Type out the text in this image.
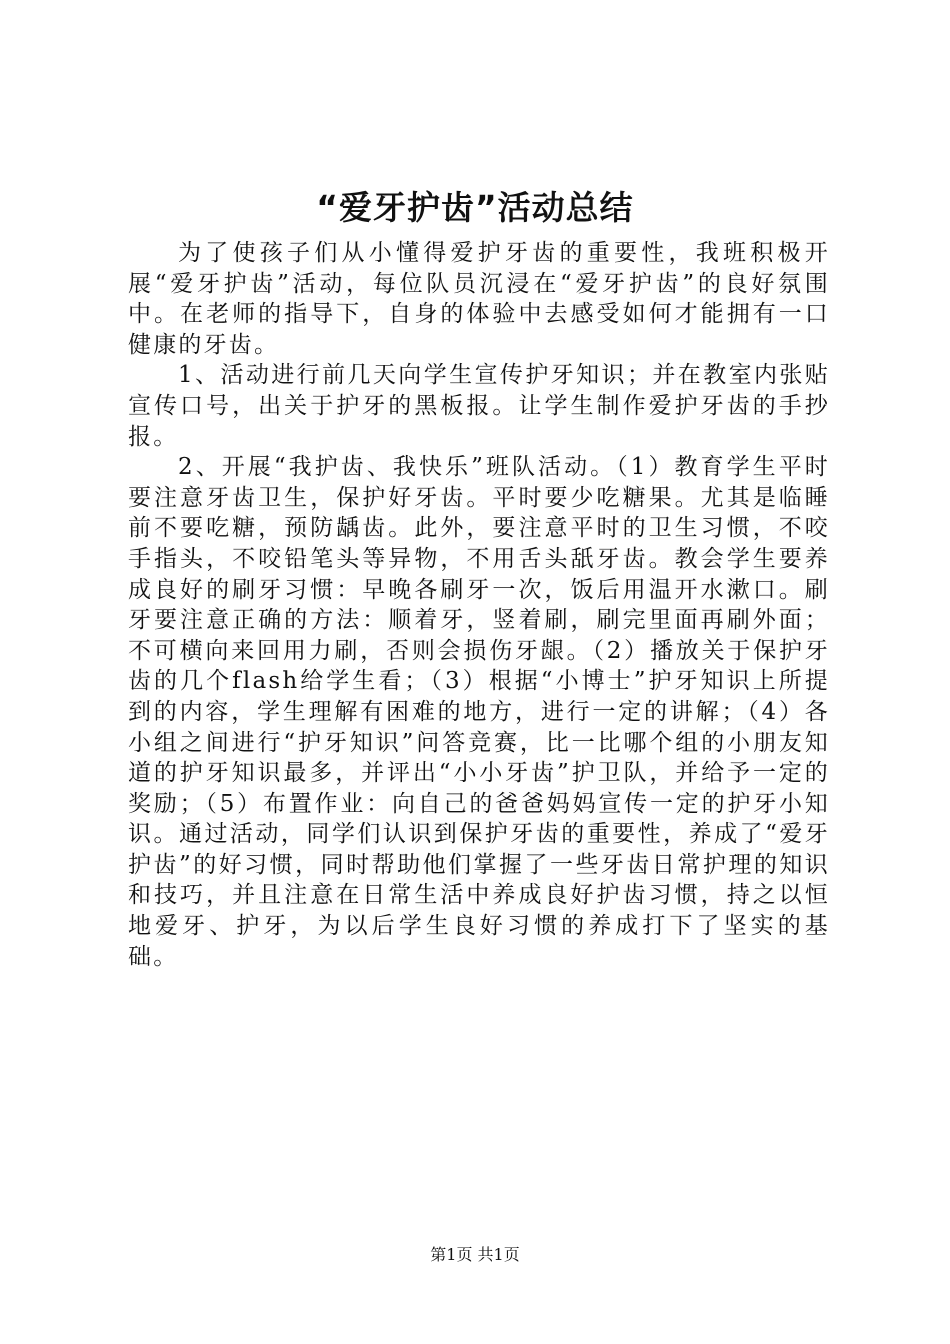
“爱牙护齿”活动总结

为了使孩子们从小懂得爱护牙齿的重要性，我班积极开展“爱牙护齿”活动，每位队员沉浸在“爱牙护齿”的良好氛围中。在老师的指导下，自身的体验中去感受如何才能拥有一口健康的牙齿。

1、活动进行前几天向学生宣传护牙知识；并在教室内张贴宣传口号，出关于护牙的黑板报。让学生制作爱护牙齿的手抄报。

2、开展“我护齿、我快乐”班队活动。（1）教育学生平时要注意牙齿卫生，保护好牙齿。平时要少吃糖果。尤其是临睡前不要吃糖，预防龋齿。此外，要注意平时的卫生习惯，不咬手指头，不咬铅笔头等异物，不用舌头舐牙齿。教会学生要养成良好的刷牙习惯：早晚各刷牙一次，饭后用温开水漱口。刷牙要注意正确的方法：顺着牙，竖着刷，刷完里面再刷外面；不可横向来回用力刷，否则会损伤牙龈。（2）播放关于保护牙齿的几个flash给学生看；（3）根据“小博士”护牙知识上所提到的内容，学生理解有困难的地方，进行一定的讲解；（4）各小组之间进行“护牙知识”问答竞赛，比一比哪个组的小朋友知道的护牙知识最多，并评出“小小牙齿”护卫队，并给予一定的奖励；（5）布置作业：向自己的爸爸妈妈宣传一定的护牙小知识。通过活动，同学们认识到保护牙齿的重要性，养成了“爱牙护齿”的好习惯，同时帮助他们掌握了一些牙齿日常护理的知识和技巧，并且注意在日常生活中养成良好护齿习惯，持之以恒地爱牙、护牙，为以后学生良好习惯的养成打下了坚实的基础。

第1页 共1页
